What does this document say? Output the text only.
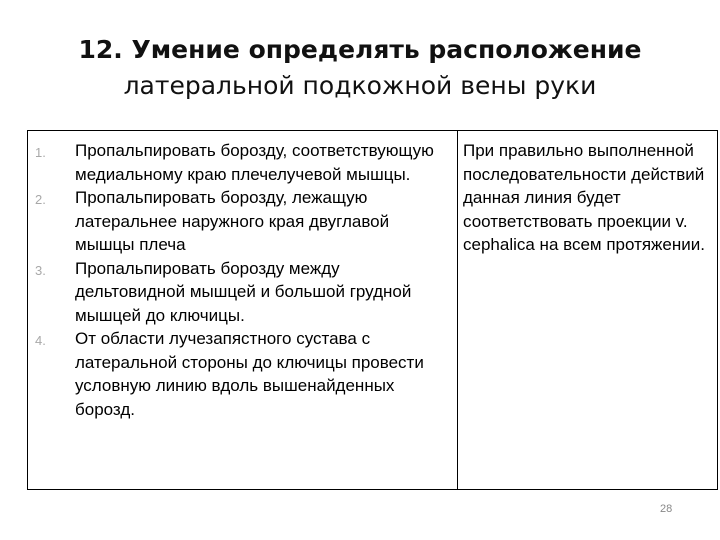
12. Умение определять расположение
латеральной подкожной вены руки
1. Пропальпировать борозду, соответствующую медиальному краю плечелучевой мышцы.
2. Пропальпировать борозду, лежащую латеральнее наружного края двуглавой мышцы плеча
3. Пропальпировать борозду между дельтовидной мышцей и большой грудной мышцей до ключицы.
4. От области лучезапястного сустава с латеральной стороны до ключицы провести условную линию вдоль вышенайденных борозд.
При правильно выполненной последовательности действий данная линия будет соответствовать проекции v. cephalica на всем протяжении.
28
